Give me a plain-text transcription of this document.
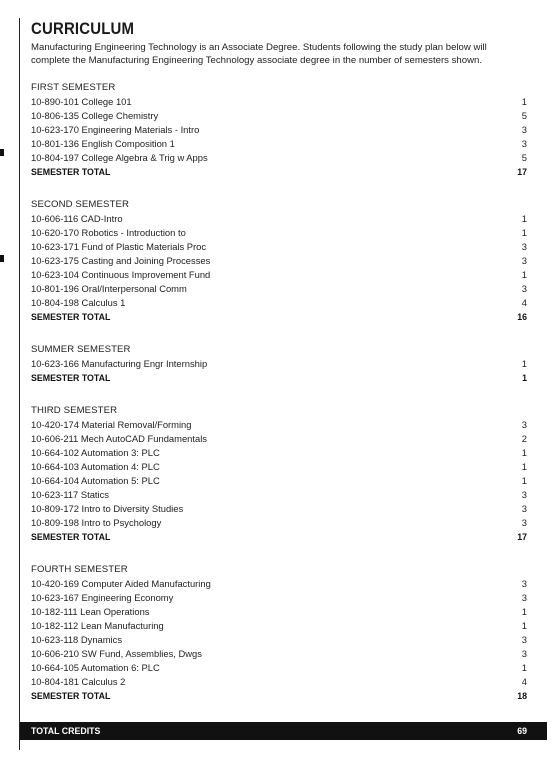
CURRICULUM
Manufacturing Engineering Technology is an Associate Degree. Students following the study plan below will complete the Manufacturing Engineering Technology associate degree in the number of semesters shown.
FIRST SEMESTER
10-890-101 College 101	1
10-806-135 College Chemistry	5
10-623-170 Engineering Materials - Intro	3
10-801-136 English Composition 1	3
10-804-197 College Algebra & Trig w Apps	5
SEMESTER TOTAL	17
SECOND SEMESTER
10-606-116 CAD-Intro	1
10-620-170 Robotics - Introduction to	1
10-623-171 Fund of Plastic Materials Proc	3
10-623-175 Casting and Joining Processes	3
10-623-104 Continuous Improvement Fund	1
10-801-196 Oral/Interpersonal Comm	3
10-804-198 Calculus 1	4
SEMESTER TOTAL	16
SUMMER SEMESTER
10-623-166 Manufacturing Engr Internship	1
SEMESTER TOTAL	1
THIRD SEMESTER
10-420-174 Material Removal/Forming	3
10-606-211 Mech AutoCAD Fundamentals	2
10-664-102 Automation 3: PLC	1
10-664-103 Automation 4: PLC	1
10-664-104 Automation 5: PLC	1
10-623-117 Statics	3
10-809-172 Intro to Diversity Studies	3
10-809-198 Intro to Psychology	3
SEMESTER TOTAL	17
FOURTH SEMESTER
10-420-169 Computer Aided Manufacturing	3
10-623-167 Engineering Economy	3
10-182-111 Lean Operations	1
10-182-112 Lean Manufacturing	1
10-623-118 Dynamics	3
10-606-210 SW Fund, Assemblies, Dwgs	3
10-664-105 Automation 6: PLC	1
10-804-181 Calculus 2	4
SEMESTER TOTAL	18
TOTAL CREDITS	69
